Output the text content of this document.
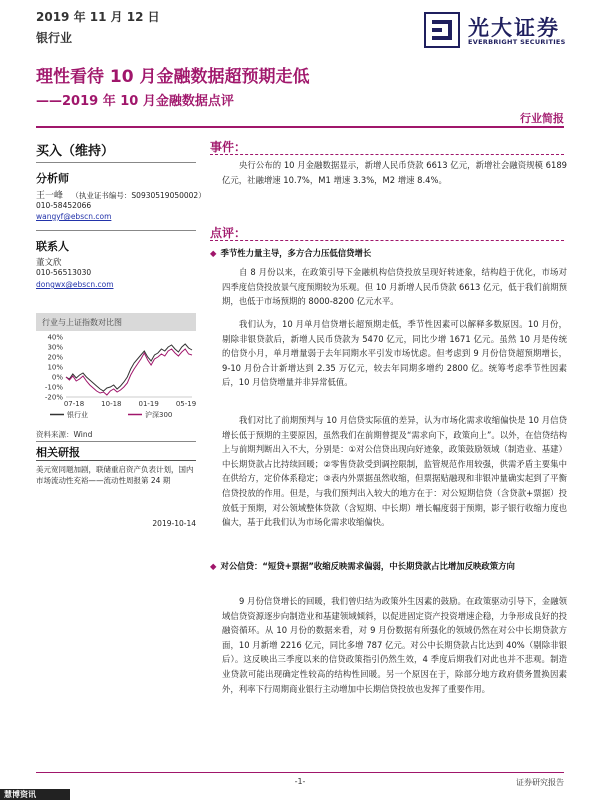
2019 年 11 月 12 日
银行业	光大证券
EVERBRIGHT SECURITIES
理性看待 10 月金融数据超预期走低
——2019 年 10 月金融数据点评
行业简报
买入（维持）
分析师
王一峰 （执业证书编号：S0930519050002）
010-58452066
wangyf@ebscn.com
联系人
董文欣
010-56513030
dongwx@ebscn.com
行业与上证指数对比图
40%
30%
20%
10%
0%
-10%
-20%
07-18 10-18 01-19 05-19
银行业	沪深300
资料来源：Wind
相关研报
美元宽同题加剧，联储重启资产负表计划，国内市场流动性充裕——流动性周报第 24 期
2019-10-14
事件：
央行公布的 10 月金融数据显示，新增人民币贷款 6613 亿元，新增社会融资规模 6189 亿元，社融增速 10.7%，M1 增速 3.3%，M2 增速 8.4%。
点评：
◆ 季节性力量主导，多方合力压低信贷增长
自 8 月份以来，在政策引导下金融机构信贷投放呈现好转迹象，结构趋于优化，市场对四季度信贷投放景气度预期较为乐观。但 10 月新增人民币贷款 6613 亿元，低于我们前期预期，也低于市场预期的 8000-8200 亿元水平。
我们认为，10 月单月信贷增长超预期走低，季节性因素可以解释多数原因。10 月份，剔除非银贷款后，新增人民币贷款为 5470 亿元，同比少增 1671 亿元。虽然 10 月是传统的信贷小月，单月增量弱于去年同期水平引发市场忧虑。但考虑到 9 月份信贷超预期增长，9-10 月份合计新增达到 2.35 万亿元，较去年同期多增约 2800 亿。统筹考虑季节性因素后，10 月信贷增量并非异常低值。
我们对比了前期预判与 10 月信贷实际值的差异，认为市场化需求收缩偏快是 10 月信贷增长低于预期的主要原因，虽然我们在前期曾提及“需求向下，政策向上”。以外，在信贷结构上与前期判断出入不大，分别是：①对公信贷出现向好迹象，政策鼓励领域（制造业、基建）中长期贷款占比持续回暖；②零售贷款受到调控限制，监管规范作用较强，供需矛盾主要集中在供给方，定价体系稳定；③表内外票据虽然收缩，但票据贴融现和非银冲量确实起到了平衡信贷投放的作用。但是，与我们预判出入较大的地方在于：对公短期信贷（含贷款+票据）投放低于预期，对公领域整体贷款（含短期、中长期）增长幅度弱于预期，影子银行收缩力度也偏大，基于此我们认为市场化需求收缩偏快。
◆ 对公信贷：“短贷+票据”收缩反映需求偏弱，中长期贷款占比增加反映政策方向
9 月份信贷增长的回暖，我们曾归结为政策外生因素的鼓励。在政策驱动引导下，金融领域信贷资源逐步向制造业和基建领域倾斜，以促进固定资产投资增速企稳，力争形成良好的投融资循环。从 10 月份的数据来看，对 9 月份数据有所强化的领域仍然在对公中长期贷款方面，10 月新增 2216 亿元，同比多增 787 亿元。对公中长期贷款占比达到 40%（剔除非银后）。这反映出三季度以来的信贷政策指引仍然生效，4 季度后期我们对此也并不悲观。制造业贷款可能出现确定性较高的结构性回暖。另一个原因在于，除部分地方政府债务置换因素外，利率下行周期商业银行主动增加中长期信贷投放也发挥了重要作用。
-1-	证券研究报告
慧博资讯
